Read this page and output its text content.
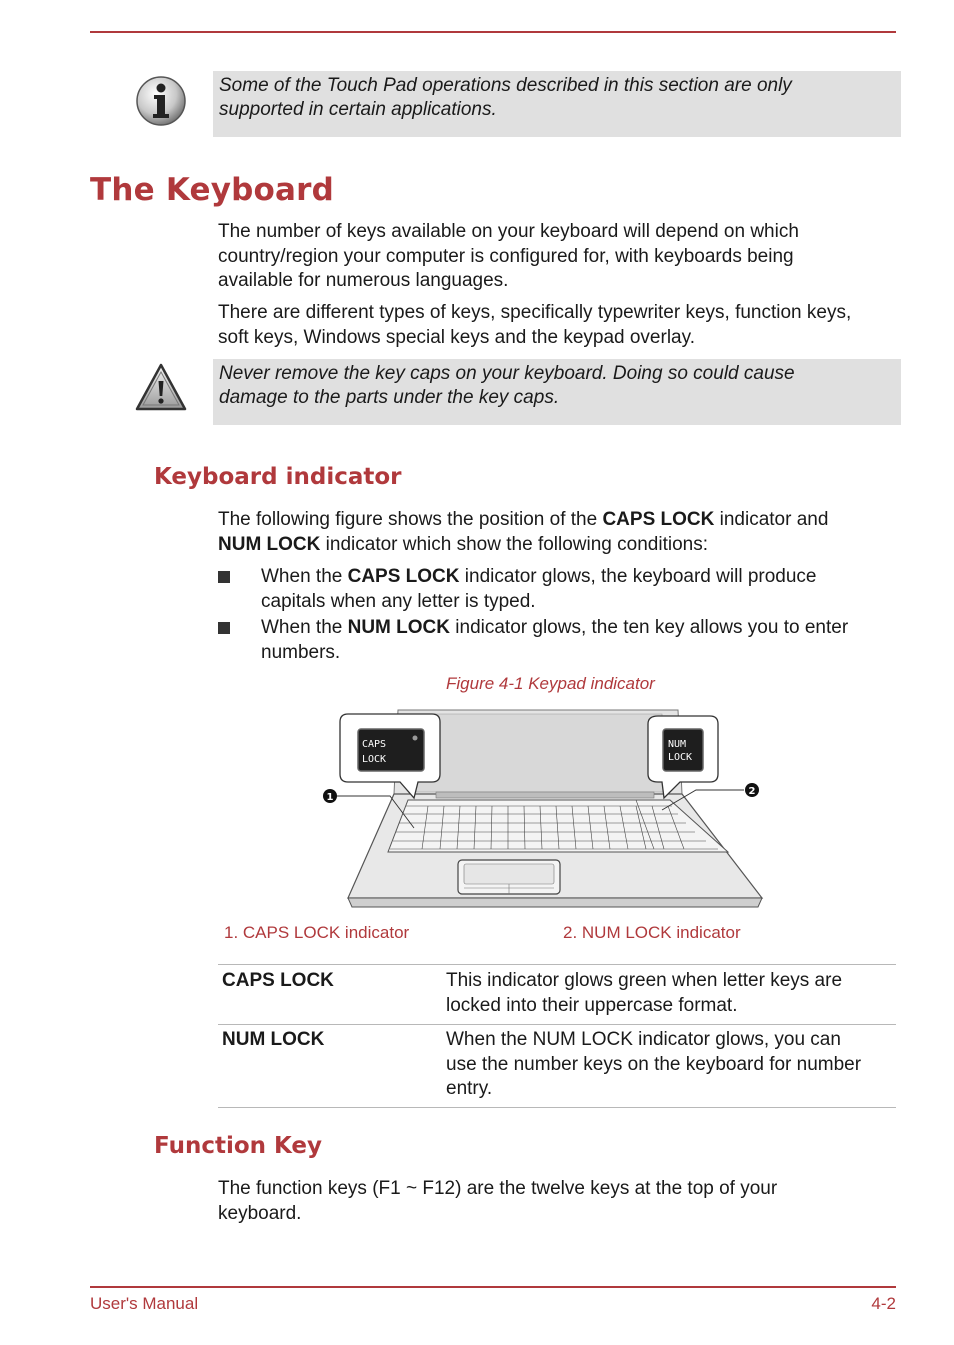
Some of the Touch Pad operations described in this section are only
supported in certain applications.
The Keyboard
The number of keys available on your keyboard will depend on which
country/region your computer is configured for, with keyboards being
available for numerous languages.
There are different types of keys, specifically typewriter keys, function keys,
soft keys, Windows special keys and the keypad overlay.
Never remove the key caps on your keyboard. Doing so could cause
damage to the parts under the key caps.
Keyboard indicator
The following figure shows the position of the CAPS LOCK indicator and
NUM LOCK indicator which show the following conditions:
When the CAPS LOCK indicator glows, the keyboard will produce
capitals when any letter is typed.
When the NUM LOCK indicator glows, the ten key allows you to enter
numbers.
Figure 4-1 Keypad indicator
CAPS
LOCK
NUM
LOCK
1
2
1. CAPS LOCK indicator	2. NUM LOCK indicator
CAPS LOCK	This indicator glows green when letter keys are
locked into their uppercase format.
NUM LOCK	When the NUM LOCK indicator glows, you can
use the number keys on the keyboard for number
entry.
Function Key
The function keys (F1 ~ F12) are the twelve keys at the top of your
keyboard.
User's Manual	4-2
